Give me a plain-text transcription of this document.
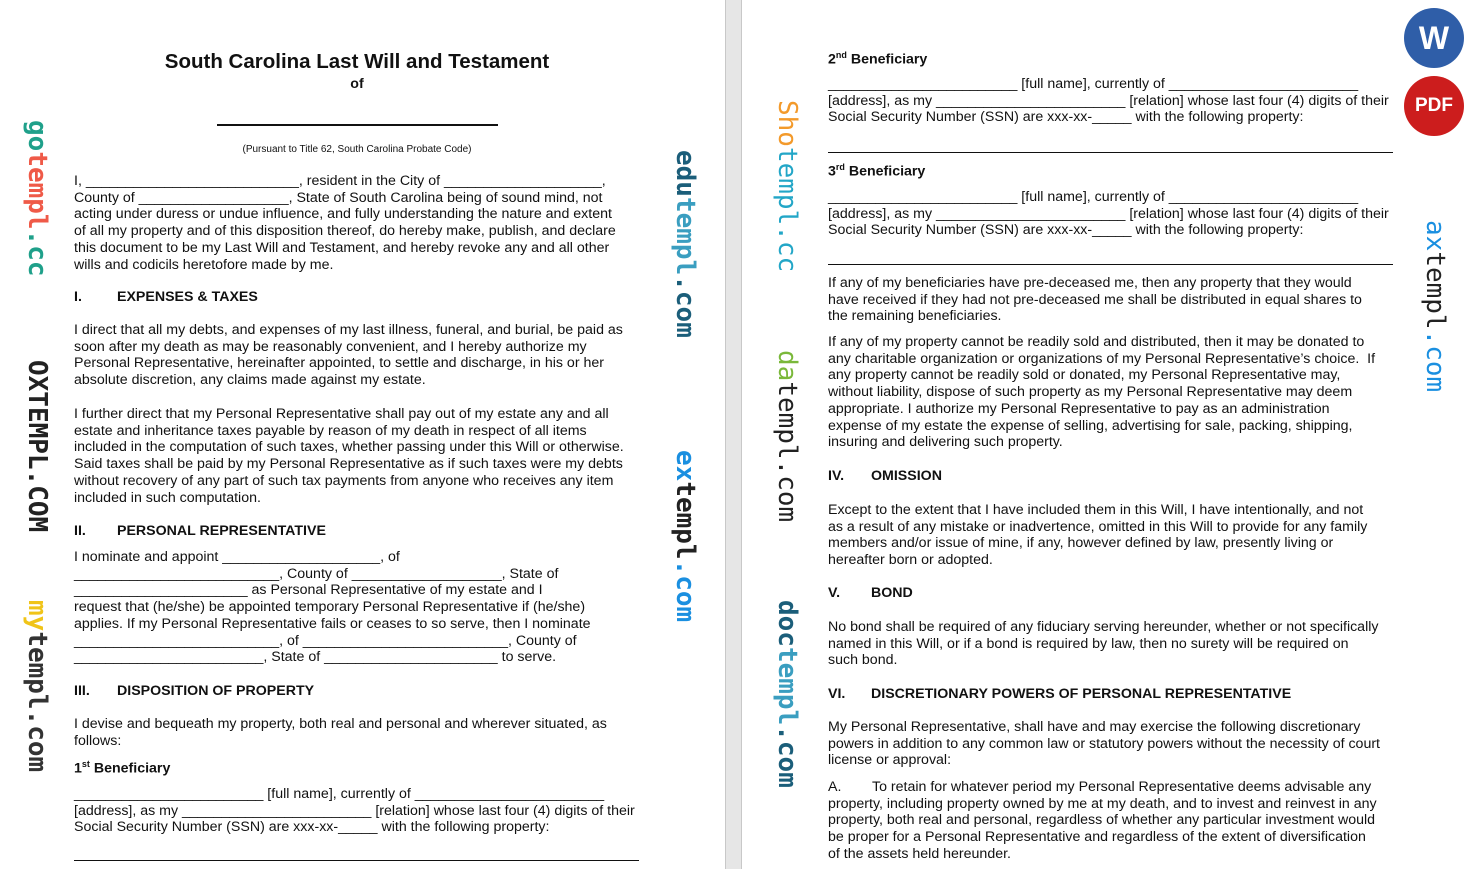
South Carolina Last Will and Testament
of
(Pursuant to Title 62, South Carolina Probate Code)
I, ___________________________, resident in the City of ____________________,
County of ___________________, State of South Carolina being of sound mind, not
acting under duress or undue influence, and fully understanding the nature and extent
of all my property and of this disposition thereof, do hereby make, publish, and declare
this document to be my Last Will and Testament, and hereby revoke any and all other
wills and codicils heretofore made by me.
I. EXPENSES & TAXES
I direct that all my debts, and expenses of my last illness, funeral, and burial, be paid as
soon after my death as may be reasonably convenient, and I hereby authorize my
Personal Representative, hereinafter appointed, to settle and discharge, in his or her
absolute discretion, any claims made against my estate.
I further direct that my Personal Representative shall pay out of my estate any and all
estate and inheritance taxes payable by reason of my death in respect of all items
included in the computation of such taxes, whether passing under this Will or otherwise.
Said taxes shall be paid by my Personal Representative as if such taxes were my debts
without recovery of any part of such tax payments from anyone who receives any item
included in such computation.
II. PERSONAL REPRESENTATIVE
I nominate and appoint ____________________, of
__________________________, County of ___________________, State of
______________________ as Personal Representative of my estate and I
request that (he/she) be appointed temporary Personal Representative if (he/she)
applies. If my Personal Representative fails or ceases to so serve, then I nominate
__________________________, of __________________________, County of
________________________, State of ______________________ to serve.
III. DISPOSITION OF PROPERTY
I devise and bequeath my property, both real and personal and wherever situated, as
follows:
1st Beneficiary
________________________ [full name], currently of ________________________
[address], as my ________________________ [relation] whose last four (4) digits of their
Social Security Number (SSN) are xxx-xx-_____ with the following property:
2nd Beneficiary
________________________ [full name], currently of ________________________
[address], as my ________________________ [relation] whose last four (4) digits of their
Social Security Number (SSN) are xxx-xx-_____ with the following property:
3rd Beneficiary
________________________ [full name], currently of ________________________
[address], as my ________________________ [relation] whose last four (4) digits of their
Social Security Number (SSN) are xxx-xx-_____ with the following property:
If any of my beneficiaries have pre-deceased me, then any property that they would
have received if they had not pre-deceased me shall be distributed in equal shares to
the remaining beneficiaries.
If any of my property cannot be readily sold and distributed, then it may be donated to
any charitable organization or organizations of my Personal Representative’s choice.  If
any property cannot be readily sold or donated, my Personal Representative may,
without liability, dispose of such property as my Personal Representative may deem
appropriate. I authorize my Personal Representative to pay as an administration
expense of my estate the expense of selling, advertising for sale, packing, shipping,
insuring and delivering such property.
IV. OMISSION
Except to the extent that I have included them in this Will, I have intentionally, and not
as a result of any mistake or inadvertence, omitted in this Will to provide for any family
members and/or issue of mine, if any, however defined by law, presently living or
hereafter born or adopted.
V. BOND
No bond shall be required of any fiduciary serving hereunder, whether or not specifically
named in this Will, or if a bond is required by law, then no surety will be required on
such bond.
VI. DISCRETIONARY POWERS OF PERSONAL REPRESENTATIVE
My Personal Representative, shall have and may exercise the following discretionary
powers in addition to any common law or statutory powers without the necessity of court
license or approval:
A. To retain for whatever period my Personal Representative deems advisable any
property, including property owned by me at my death, and to invest and reinvest in any
property, both real and personal, regardless of whether any particular investment would
be proper for a Personal Representative and regardless of the extent of diversification
of the assets held hereunder.
gotempl.cc
OXTEMPL.COM
mytempl.com
edutempl.com
extempl.com
Shotempl.cc
datempl.com
doctempl.com
axtempl.com
W
PDF
